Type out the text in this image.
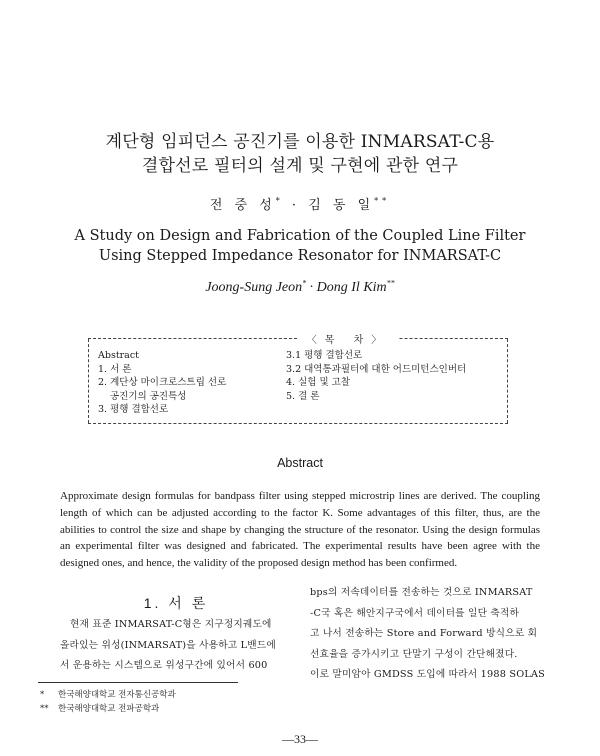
계단형 임피던스 공진기를 이용한 INMARSAT-C용
결합선로 필터의 설계 및 구현에 관한 연구
전 중 성* · 김 동 일**
A Study on Design and Fabrication of the Coupled Line Filter
Using Stepped Impedance Resonator for INMARSAT-C
Joong-Sung Jeon* · Dong Il Kim**
〈목 차〉
Abstract
1. 서 론
2. 계단상 마이크로스트립 선로
공진기의 공진특성
3. 평행 결합선로
3.1 평행 결합선로
3.2 대역통과필터에 대한 어드미턴스인버터
4. 실험 및 고찰
5. 결 론
Abstract
Approximate design formulas for bandpass filter using stepped microstrip lines are derived. The coupling length of which can be adjusted according to the factor K. Some advantages of this filter, thus, are the abilities to control the size and shape by changing the structure of the resonator. Using the design formulas an experimental filter was designed and fabricated. The experimental results have been agree with the designed ones, and hence, the validity of the proposed design method has been confirmed.
1. 서 론
현재 표준 INMARSAT-C형은 지구정지궤도에
올라있는 위성(INMARSAT)을 사용하고 L밴드에
서 운용하는 시스템으로 위성구간에 있어서 600
bps의 저속데이터를 전송하는 것으로 INMARSAT
-C국 혹은 해안지구국에서 데이터를 일단 축적하
고 나서 전송하는 Store and Forward 방식으로 회
선효율을 증가시키고 단말기 구성이 간단해졌다.
이로 말미암아 GMDSS 도입에 따라서 1988 SOLAS
* 한국해양대학교 전자통신공학과
** 한국해양대학교 전파공학과
—33—
